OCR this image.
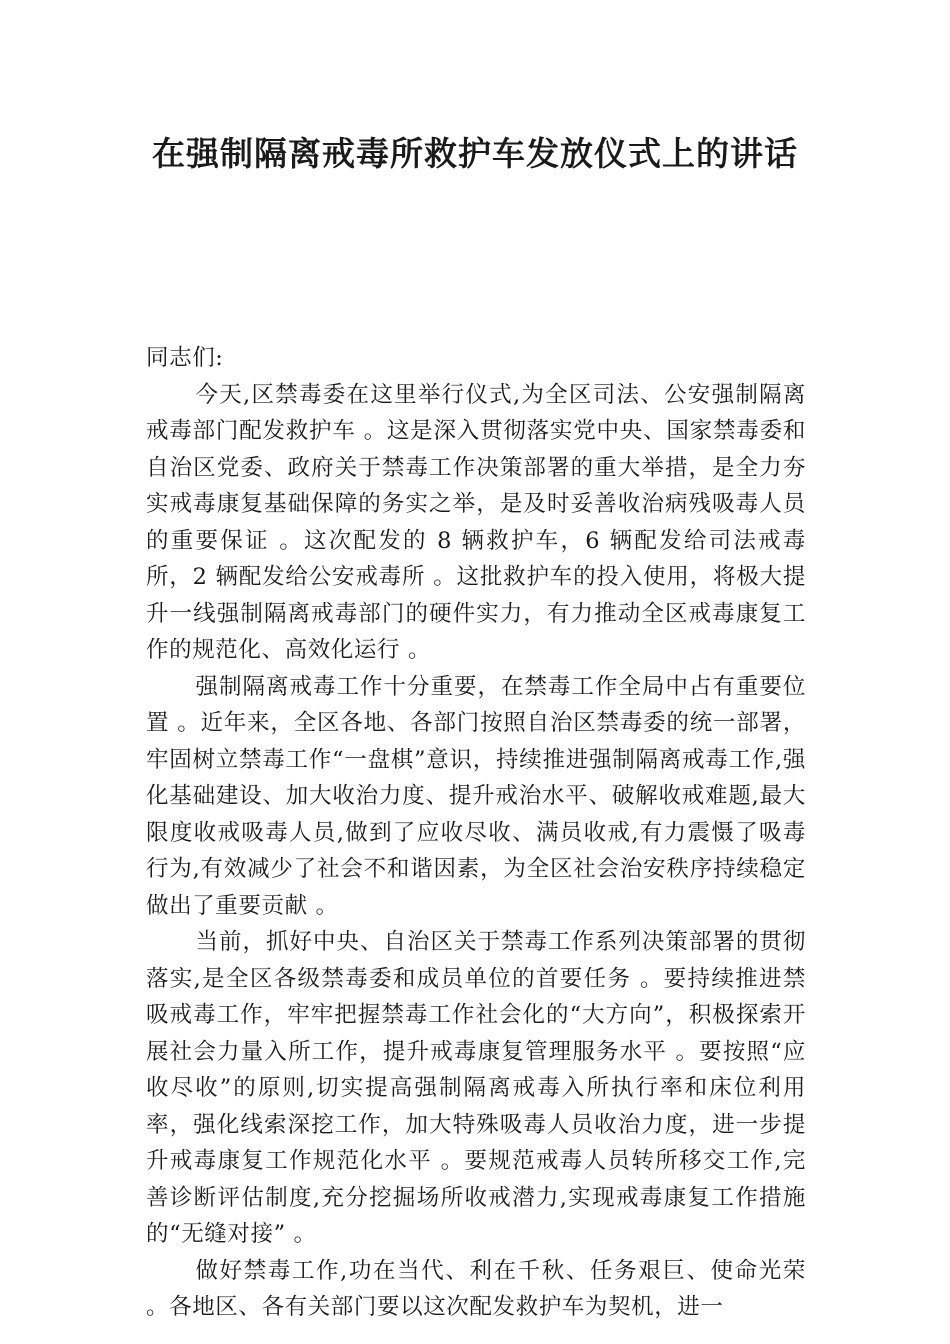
在强制隔离戒毒所救护车发放仪式上的讲话

同志们:

今天,区禁毒委在这里举行仪式,为全区司法、公安强制隔离戒毒部门配发救护车 。这是深入贯彻落实党中央、国家禁毒委和自治区党委、政府关于禁毒工作决策部署的重大举措，是全力夯实戒毒康复基础保障的务实之举，是及时妥善收治病残吸毒人员的重要保证 。这次配发的 8 辆救护车，6 辆配发给司法戒毒所，2 辆配发给公安戒毒所 。这批救护车的投入使用，将极大提升一线强制隔离戒毒部门的硬件实力，有力推动全区戒毒康复工作的规范化、高效化运行 。

强制隔离戒毒工作十分重要，在禁毒工作全局中占有重要位置 。近年来，全区各地、各部门按照自治区禁毒委的统一部署，牢固树立禁毒工作“一盘棋”意识，持续推进强制隔离戒毒工作,强化基础建设、加大收治力度、提升戒治水平、破解收戒难题,最大限度收戒吸毒人员,做到了应收尽收、满员收戒,有力震慑了吸毒行为,有效减少了社会不和谐因素，为全区社会治安秩序持续稳定做出了重要贡献 。

当前，抓好中央、自治区关于禁毒工作系列决策部署的贯彻落实,是全区各级禁毒委和成员单位的首要任务 。要持续推进禁吸戒毒工作，牢牢把握禁毒工作社会化的“大方向”，积极探索开展社会力量入所工作，提升戒毒康复管理服务水平 。要按照“应收尽收”的原则,切实提高强制隔离戒毒入所执行率和床位利用率，强化线索深挖工作，加大特殊吸毒人员收治力度，进一步提升戒毒康复工作规范化水平 。要规范戒毒人员转所移交工作,完善诊断评估制度,充分挖掘场所收戒潜力,实现戒毒康复工作措施的“无缝对接” 。

做好禁毒工作,功在当代、利在千秋、任务艰巨、使命光荣 。各地区、各有关部门要以这次配发救护车为契机，进一
